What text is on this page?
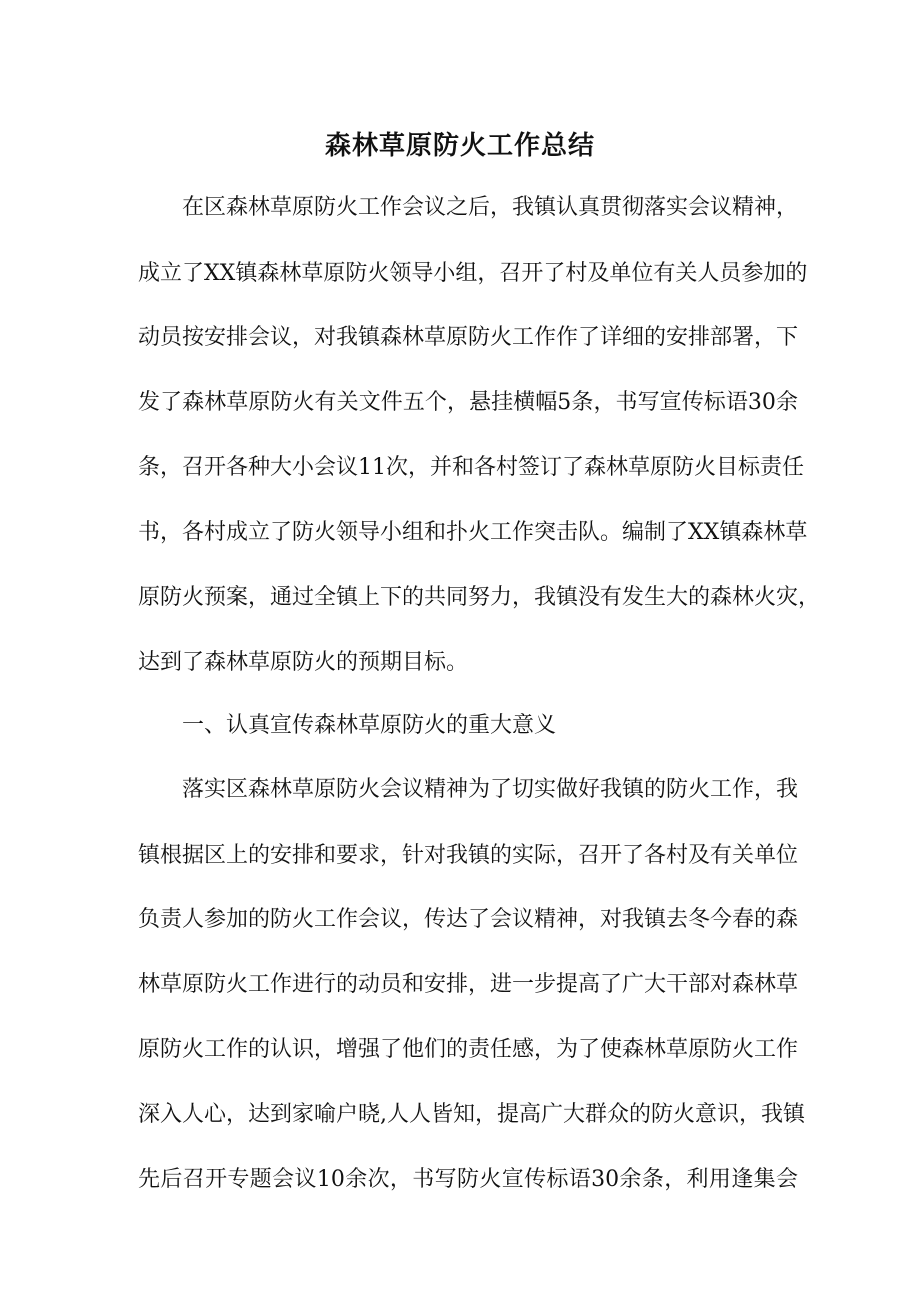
森林草原防火工作总结
在区森林草原防火工作会议之后，我镇认真贯彻落实会议精神，
成立了XX镇森林草原防火领导小组，召开了村及单位有关人员参加的
动员按安排会议，对我镇森林草原防火工作作了详细的安排部署，下
发了森林草原防火有关文件五个，悬挂横幅5条，书写宣传标语30余
条，召开各种大小会议11次，并和各村签订了森林草原防火目标责任
书，各村成立了防火领导小组和扑火工作突击队。编制了XX镇森林草
原防火预案，通过全镇上下的共同努力，我镇没有发生大的森林火灾，
达到了森林草原防火的预期目标。
一、认真宣传森林草原防火的重大意义
落实区森林草原防火会议精神为了切实做好我镇的防火工作，我
镇根据区上的安排和要求，针对我镇的实际，召开了各村及有关单位
负责人参加的防火工作会议，传达了会议精神，对我镇去冬今春的森
林草原防火工作进行的动员和安排，进一步提高了广大干部对森林草
原防火工作的认识，增强了他们的责任感，为了使森林草原防火工作
深入人心，达到家喻户晓,人人皆知，提高广大群众的防火意识，我镇
先后召开专题会议10余次，书写防火宣传标语30余条，利用逢集会
